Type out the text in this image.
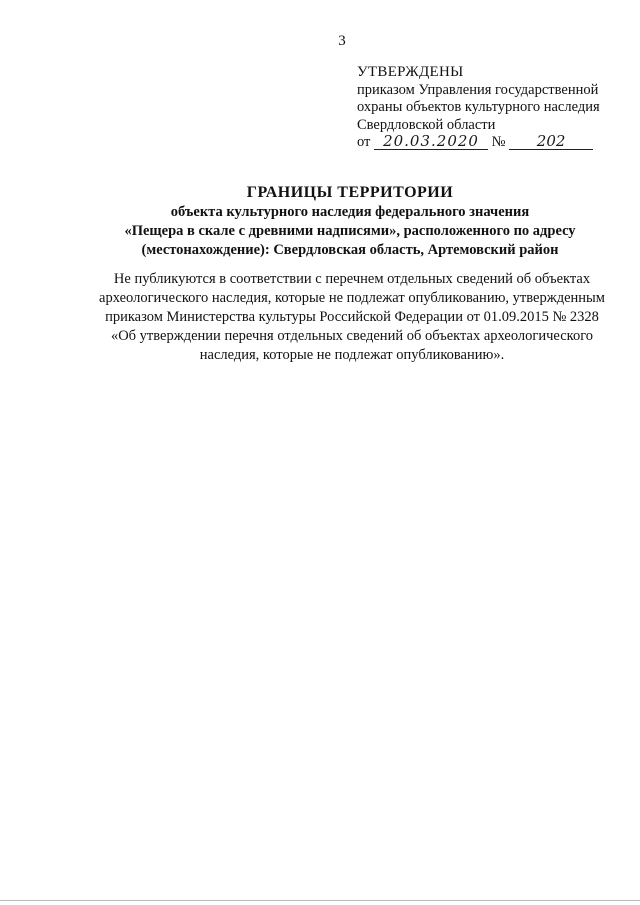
3
УТВЕРЖДЕНЫ
приказом Управления государственной
охраны объектов культурного наследия
Свердловской области
от 20.03.2020 № 202
ГРАНИЦЫ ТЕРРИТОРИИ
объекта культурного наследия федерального значения
«Пещера в скале с древними надписями», расположенного по адресу
(местонахождение): Свердловская область, Артемовский район
Не публикуются в соответствии с перечнем отдельных сведений об объектах
археологического наследия, которые не подлежат опубликованию, утвержденным
приказом Министерства культуры Российской Федерации от 01.09.2015 № 2328
«Об утверждении перечня отдельных сведений об объектах археологического
наследия, которые не подлежат опубликованию».
